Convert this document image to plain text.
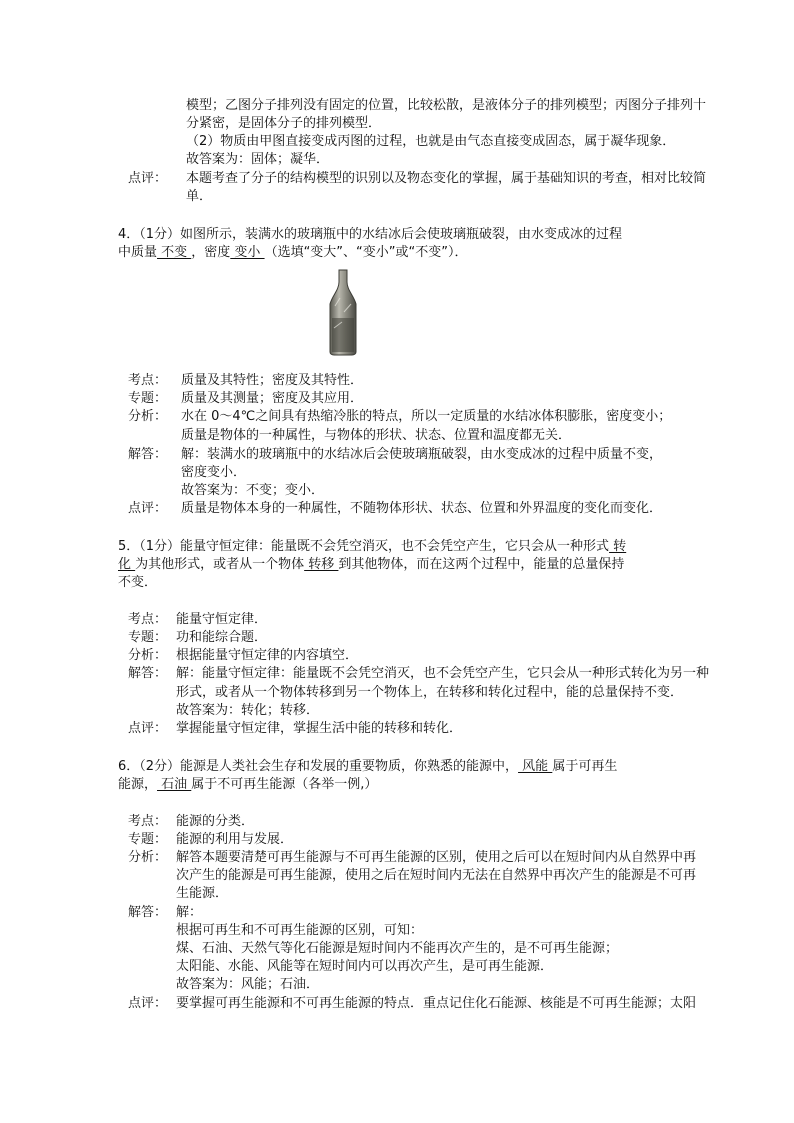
模型；乙图分子排列没有固定的位置，比较松散，是液体分子的排列模型；丙图分子排列十
分紧密，是固体分子的排列模型．
（2）物质由甲图直接变成丙图的过程，也就是由气态直接变成固态，属于凝华现象．
故答案为：固体；凝华．
点评： 本题考查了分子的结构模型的识别以及物态变化的掌握，属于基础知识的考查，相对比较简
单．
4．（1分）如图所示，装满水的玻璃瓶中的水结冰后会使玻璃瓶破裂，由水变成冰的过程
中质量 不变 ，密度 变小 （选填“变大”、“变小”或“不变”）．
考点： 质量及其特性；密度及其特性．
专题： 质量及其测量；密度及其应用．
分析： 水在 0～4℃之间具有热缩冷胀的特点，所以一定质量的水结冰体积膨胀，密度变小；
质量是物体的一种属性，与物体的形状、状态、位置和温度都无关．
解答： 解：装满水的玻璃瓶中的水结冰后会使玻璃瓶破裂，由水变成冰的过程中质量不变，
密度变小．
故答案为：不变；变小．
点评： 质量是物体本身的一种属性，不随物体形状、状态、位置和外界温度的变化而变化．
5．（1分）能量守恒定律：能量既不会凭空消灭，也不会凭空产生，它只会从一种形式 转
化 为其他形式，或者从一个物体 转移 到其他物体，而在这两个过程中，能量的总量保持
不变．
考点： 能量守恒定律．
专题： 功和能综合题．
分析： 根据能量守恒定律的内容填空．
解答： 解：能量守恒定律：能量既不会凭空消灭，也不会凭空产生，它只会从一种形式转化为另一种
形式，或者从一个物体转移到另一个物体上，在转移和转化过程中，能的总量保持不变．
故答案为：转化；转移．
点评： 掌握能量守恒定律，掌握生活中能的转移和转化．
6．（2分）能源是人类社会生存和发展的重要物质，你熟悉的能源中， 风能 属于可再生
能源， 石油 属于不可再生能源（各举一例,）
考点： 能源的分类．
专题： 能源的利用与发展．
分析： 解答本题要清楚可再生能源与不可再生能源的区别，使用之后可以在短时间内从自然界中再
次产生的能源是可再生能源，使用之后在短时间内无法在自然界中再次产生的能源是不可再
生能源．
解答： 解：
根据可再生和不可再生能源的区别，可知：
煤、石油、天然气等化石能源是短时间内不能再次产生的，是不可再生能源；
太阳能、水能、风能等在短时间内可以再次产生，是可再生能源．
故答案为：风能；石油．
点评： 要掌握可再生能源和不可再生能源的特点．重点记住化石能源、核能是不可再生能源；太阳
